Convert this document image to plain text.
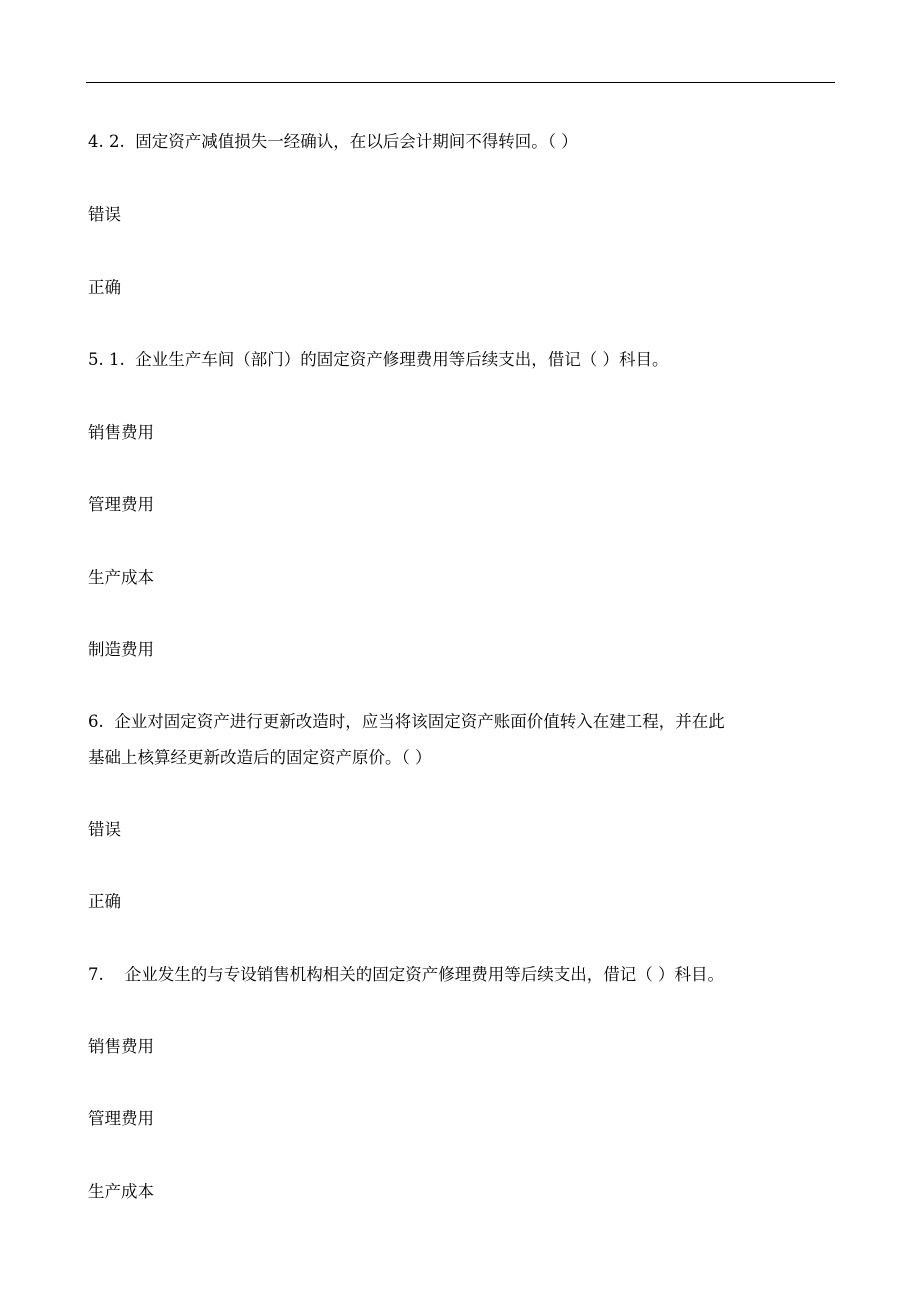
4. 2. 固定资产减值损失一经确认，在以后会计期间不得转回。（ ）

错误

正确

5. 1. 企业生产车间（部门）的固定资产修理费用等后续支出，借记（ ）科目。

销售费用

管理费用

生产成本

制造费用

6. 企业对固定资产进行更新改造时，应当将该固定资产账面价值转入在建工程，并在此

基础上核算经更新改造后的固定资产原价。（ ）

错误

正确

7. 企业发生的与专设销售机构相关的固定资产修理费用等后续支出，借记（ ）科目。

销售费用

管理费用

生产成本
